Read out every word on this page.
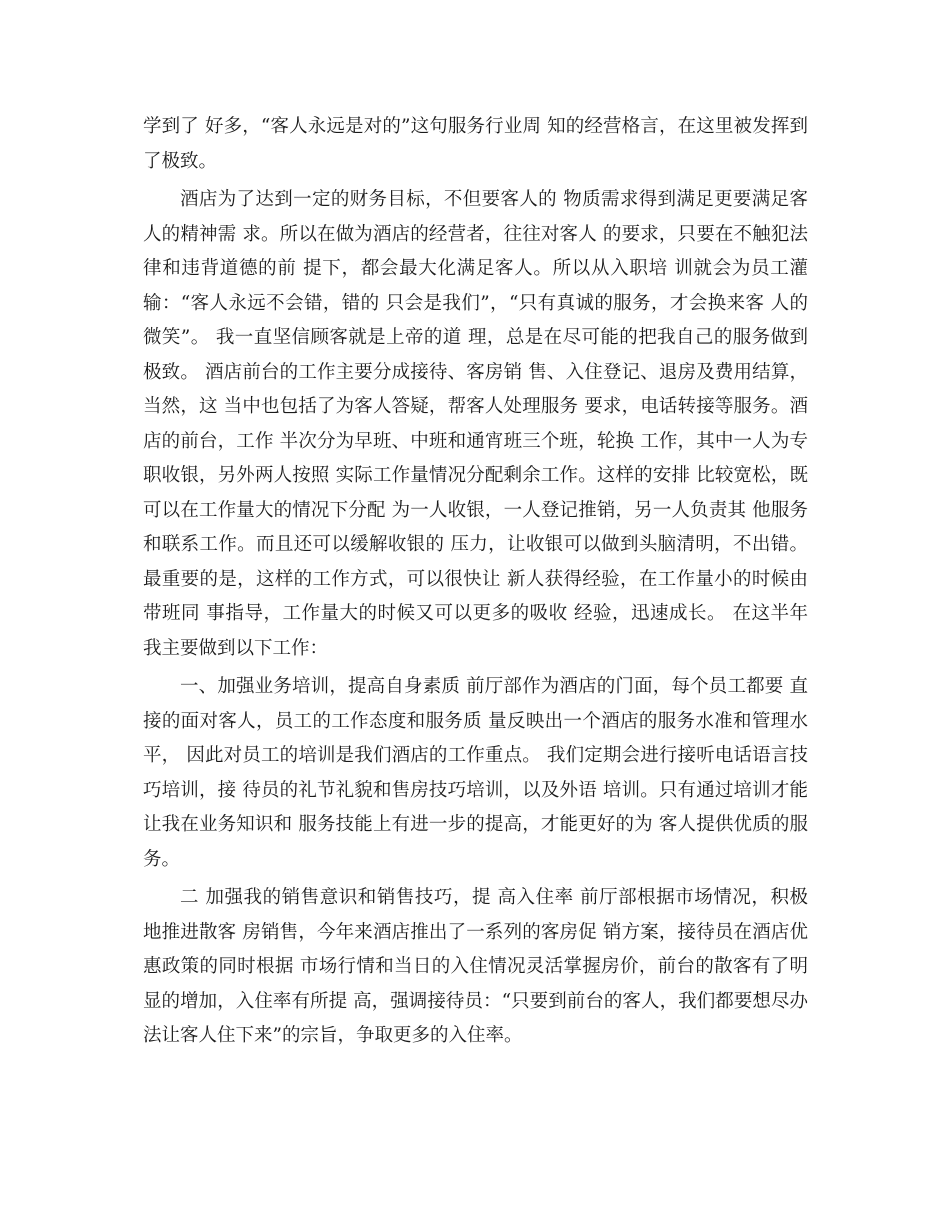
学到了 好多，“客人永远是对的”这句服务行业周 知的经营格言，在这里被发挥到了极致。

酒店为了达到一定的财务目标，不但要客人的 物质需求得到满足更要满足客人的精神需 求。所以在做为酒店的经营者，往往对客人 的要求，只要在不触犯法律和违背道德的前 提下，都会最大化满足客人。所以从入职培 训就会为员工灌输：“客人永远不会错，错的 只会是我们”，“只有真诚的服务，才会换来客 人的微笑”。 我一直坚信顾客就是上帝的道 理，总是在尽可能的把我自己的服务做到极致。 酒店前台的工作主要分成接待、客房销 售、入住登记、退房及费用结算，当然，这 当中也包括了为客人答疑，帮客人处理服务 要求，电话转接等服务。酒店的前台，工作 半次分为早班、中班和通宵班三个班，轮换 工作，其中一人为专职收银，另外两人按照 实际工作量情况分配剩余工作。这样的安排 比较宽松，既可以在工作量大的情况下分配 为一人收银，一人登记推销，另一人负责其 他服务和联系工作。而且还可以缓解收银的 压力，让收银可以做到头脑清明，不出错。 最重要的是，这样的工作方式，可以很快让 新人获得经验，在工作量小的时候由带班同 事指导，工作量大的时候又可以更多的吸收 经验，迅速成长。 在这半年我主要做到以下工作：

一、加强业务培训，提高自身素质 前厅部作为酒店的门面，每个员工都要 直接的面对客人，员工的工作态度和服务质 量反映出一个酒店的服务水准和管理水平， 因此对员工的培训是我们酒店的工作重点。 我们定期会进行接听电话语言技巧培训，接 待员的礼节礼貌和售房技巧培训，以及外语 培训。只有通过培训才能让我在业务知识和 服务技能上有进一步的提高，才能更好的为 客人提供优质的服务。

二 加强我的销售意识和销售技巧，提 高入住率 前厅部根据市场情况，积极地推进散客 房销售，今年来酒店推出了一系列的客房促 销方案，接待员在酒店优惠政策的同时根据 市场行情和当日的入住情况灵活掌握房价，前台的散客有了明显的增加，入住率有所提 高，强调接待员：“只要到前台的客人，我们都要想尽办法让客人住下来”的宗旨，争取更多的入住率。
